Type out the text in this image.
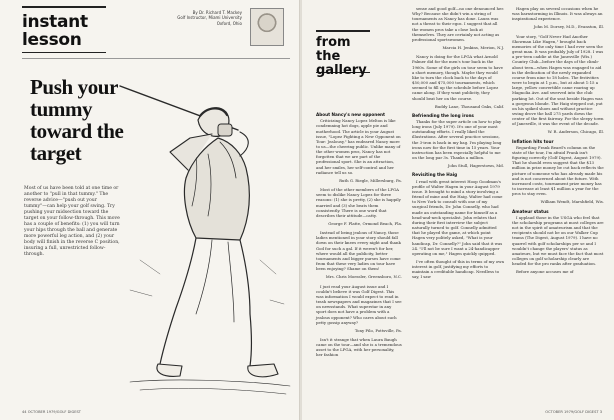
instant lesson
By Dr. Richard T. Mackey
Golf Instructor, Miami University
Oxford, Ohio
Push your tummy toward the target
Most of us have been told at one time or another to "pull in that tummy." The reverse advice—"push out your tummy"—can help your golf swing. Try pushing your midsection toward the target on your follow-through. This move has a couple of benefits: (1) you will turn your hips through the ball and generate more powerful leg action, and (2) your body will finish in the reverse C position, insuring a full, unrestricted follow-through.
44 OCTOBER 1979/GOLF DIGEST
from the gallery
About Nancy's new opponent

Criticizing Nancy Lopez Melton is like condemning hot dogs, apple pie and motherhood. The article in your August issue, "Lopez Fighting a New Opponent on Tour: Jealousy," has endeared Nancy more to us—the cheering public. Unlike many of the other women pros, Nancy has not forgotten that we are part of the professional sport. She is an attraction, and her smiles, her self-control and her radiance tell us so.

Ruth G. Riegle, Millersburg, Pa.

Most of the other members of the LPGA seem to dislike Nancy Lopez for three reasons: (1) she is pretty, (2) she is happily married and (3) she beats them consistently. There is one word that describes their attitude—catty.

George F. Platte, Ormond Beach, Fla.

Instead of being jealous of Nancy, those ladies mentioned in your story should fall down on their knees every night and thank God for such a gal. If it weren't for her, where would all the publicity, better tournaments and bigger purses have come from that these very ladies on tour have been enjoying? Shame on them!

Mrs. Chris Moessler, Greensboro, N.C.

I just read your August issue and I couldn't believe it was Golf Digest. This was information I would expect to read in trash newspapers and magazines that I see on newsstands. What superstar in any sport does not have a problem with a jealous opponent? Who cares about such petty gossip anyway?

Tony Pilo, Pottsville, Pa.

Isn't it strange that when Laura Baugh came on the tour—and she is a tremendous asset to the LPGA, with her personality, her fashion

sense and good golf—no one denounced her. Why? Because she didn't win a string of tournaments as Nancy has done. Laura was not a threat to their egos. I suggest that all the women pros take a close look at themselves. They are certainly not acting as professional sportswomen.

Marcia H. Jenkins, Merion, N.J.

Nancy is doing for the LPGA what Arnold Palmer did for the men's tour back in the 1960s. Some of the girls on tour seem to have a short memory, though. Maybe they would like to turn the clock back to the days of $50,000 and $75,000 tournaments, which seemed to fill up the schedule before Lopez came along. If they want publicity, they should beat her on the course.

Buddy Lane, Thousand Oaks, Calif.

Befriending the long irons

Thanks for the super article on how to play long irons (July 1979). It's one of your most outstanding efforts. I really liked the illustrations. After several practice sessions, the 3-iron is back in my bag. I'm playing long irons now for the first time in 15 years. Your instruction has been especially helpful to me on the long par 3s. Thanks a million.

John Stull, Hagerstown, Md.

Revisiting the Haig

I read with great interest Hoop Goodman's profile of Walter Hagen in your August 1979 issue. It brought to mind a story involving a friend of mine and the Haig. Walter had come to New York to consult with one of my surgical friends, Dr. John Connelly, who had made an outstanding name for himself as a head-and-neck specialist. John relates that during their first interview the subject naturally turned to golf. Connelly admitted that he played the game, at which point Hagen very politely asked, "What is your handicap, Dr. Connelly?" John said that it was 24. "I'll not be sure I want a 24-handicapper operating on me," Hagen quickly quipped.

I've often thought of this in terms of my own interest in golf, justifying my efforts to maintain a creditable handicap. Needless to say, I saw

Hagen play on several occasions when he was barnstorming in Illinois. It was always an inspirational experience.

John M. Dorsey, M.D., Evanston, Ill.

Your story, "Golf Never Had Another Showman Like Hagen," brought back memories of the only time I had ever seen the great man. It was probably July of 1928. I was a pre-teen caddie at the Janesville (Wis.) Country Club—before the days of the climb-about teen—when Hagen was engaged to aid in the dedication of the newly expanded course from nine to 18 holes. The festivities were to begin at 1 p.m., but at about 1:15 a large, yellow convertible came roaring up Magnolia Ave. and swerved into the club parking lot. Out of the seat beside Hagen was a gorgeous blonde. The Haig stepped out, put on his spiked shoes and without practice swing drove the ball 275 yards down the center of the first fairway. For the sleepy town of Janesville, it was the event of the decade.

W. R. Anderson, Chicago, Ill.

Inflation hits tour

Regarding Frank Beard's column on the state of the tour, I'm afraid Frank isn't figuring correctly (Golf Digest, August 1979). That he should even suggest that the $13 million in prize money be cut back reflects the picture of someone who has already made his and is not concerned about the future. With increased costs, tournament prize money has to increase at least $1 million a year for the pros to stay even.

William Wendt, Marshfield, Wis.

Amateur status

I applaud those in the USGA who feel that the scholarship programs at most colleges are not in the spirit of amateurism and that the recipients should not be on our Walker Cup teams (The Digest, August 1979). I have no quarrel with golf scholarships per se and I wouldn't change the players' status as amateurs, but we must face the fact that most colleges on golf scholarship clearly are headed for the pro ranks after graduation.

Before anyone accuses me of

OCTOBER 1979/GOLF DIGEST 3
